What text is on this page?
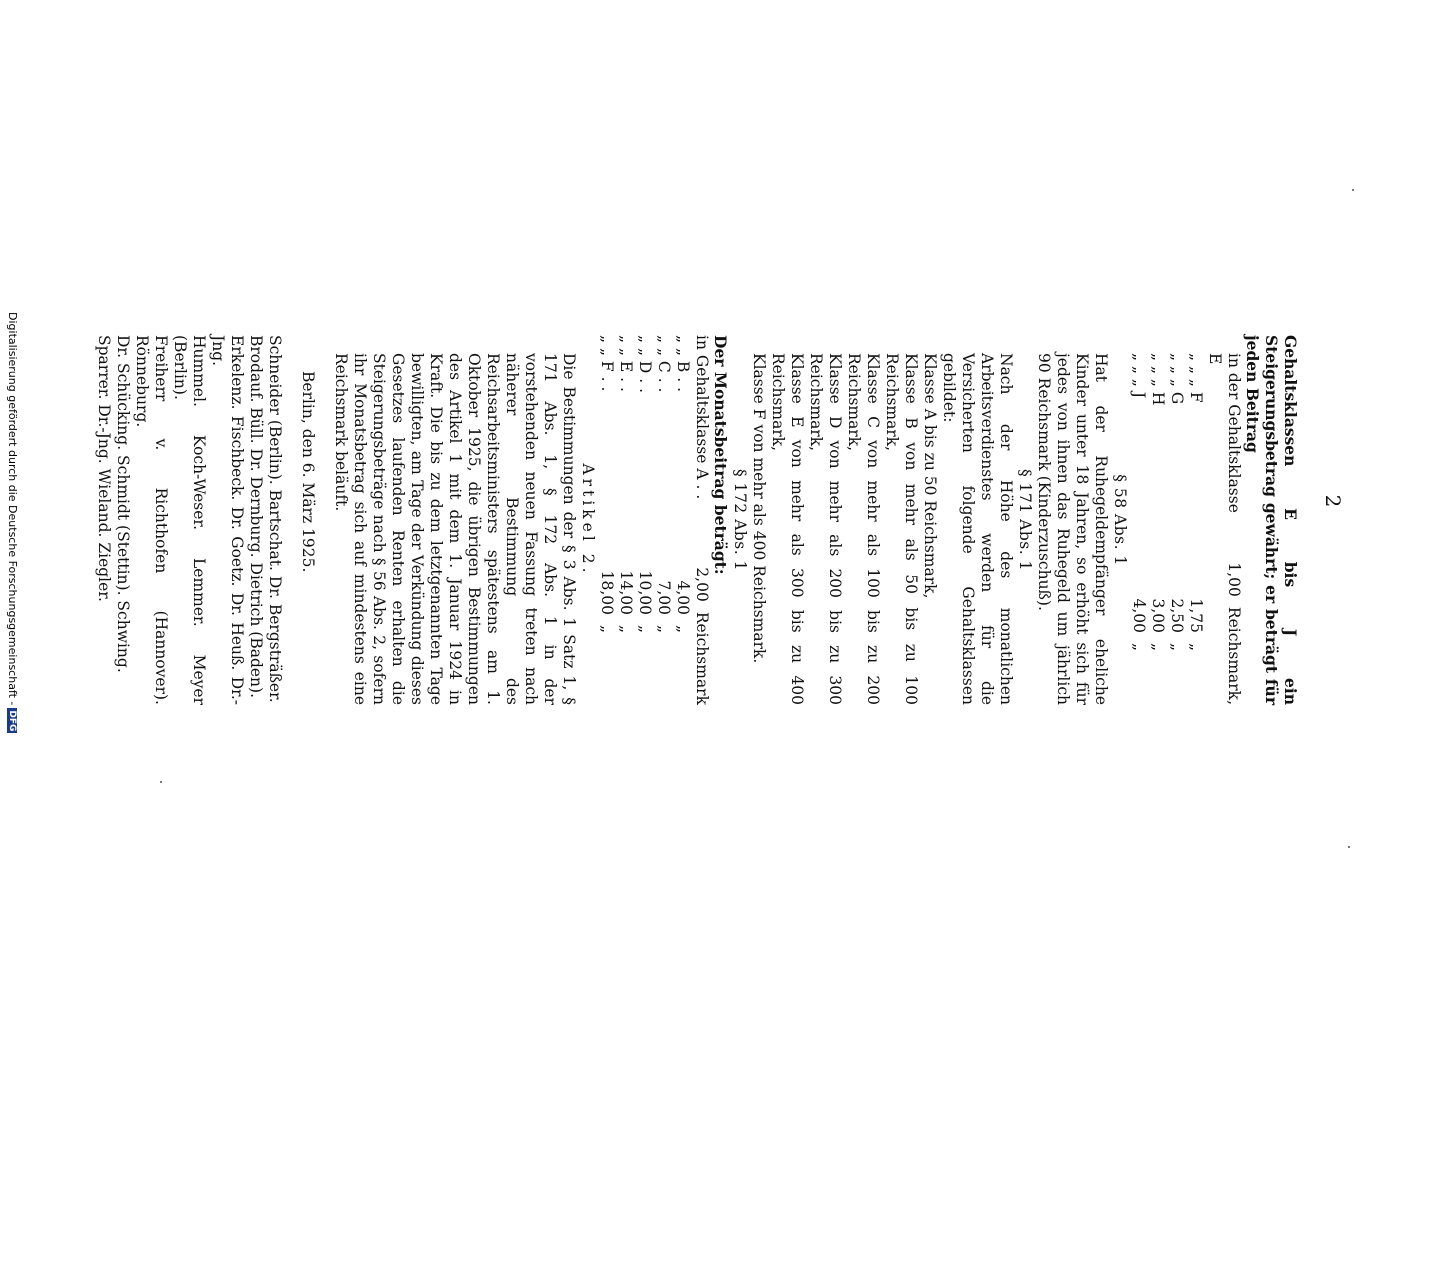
2

Gehaltsklassen E bis J ein Steigerungsbetrag gewährt; er beträgt für jeden Beitrag

in der Gehaltsklasse E
1,00
Reichsmark,
„ „ „ F
1,75
„
„ „ „ G
2,50
„
„ „ „ H
3,00
„
„ „ „ J
4,00
„
§ 58 Abs. 1

Hat der Ruhegeldempfänger eheliche Kinder unter 18 Jahren, so erhöht sich für jedes von ihnen das Ruhegeld um jährlich 90 Reichsmark (Kinderzuschuß).

§ 171 Abs. 1

Nach der Höhe des monatlichen Arbeitsverdienstes werden für die Versicherten folgende Gehaltsklassen gebildet:

Klasse A bis zu 50 Reichsmark,

Klasse B von mehr als 50 bis zu 100 Reichsmark,

Klasse C von mehr als 100 bis zu 200 Reichsmark,

Klasse D von mehr als 200 bis zu 300 Reichsmark,

Klasse E von mehr als 300 bis zu 400 Reichsmark,

Klasse F von mehr als 400 Reichsmark.

§ 172 Abs. 1

Der Monatsbeitrag beträgt:

in Gehaltsklasse A . .
2,00
Reichsmark
„ „ B . .
4,00
„
„ „ C . .
7,00
„
„ „ D . .
10,00
„
„ „ E . .
14,00
„
„ „ F . .
18,00
„
Artikel 2.

Die Bestimmungen der § 3 Abs. 1 Satz 1, § 171 Abs. 1, § 172 Abs. 1 in der vorstehenden neuen Fassung treten nach näherer Bestimmung des Reichsarbeitsministers spätestens am 1. Oktober 1925, die übrigen Bestimmungen des Artikel 1 mit dem 1. Januar 1924 in Kraft. Die bis zu dem letztgenannten Tage bewilligten, am Tage der Verkündung dieses Gesetzes laufenden Renten erhalten die Steigerungsbeträge nach § 56 Abs. 2, sofern ihr Monatsbetrag sich auf mindestens eine Reichsmark beläuft.

Berlin, den 6. März 1925.

Schneider (Berlin). Bartschat. Dr. Bergsträßer.

Brodauf. Büll. Dr. Dernburg. Dietrich (Baden).

Erkelenz. Fischbeck. Dr. Goetz. Dr. Heuß. Dr.-Jng.

Hummel. Koch-Weser. Lemmer. Meyer (Berlin).

Freiherr v. Richthofen (Hannover). Rönneburg.

Dr. Schücking. Schmidt (Stettin). Schwing.

Sparrer. Dr.-Jng. Wieland. Ziegler.

Digitalisierung gefördert durch die Deutsche Forschungsgemeinschaft -DFG
